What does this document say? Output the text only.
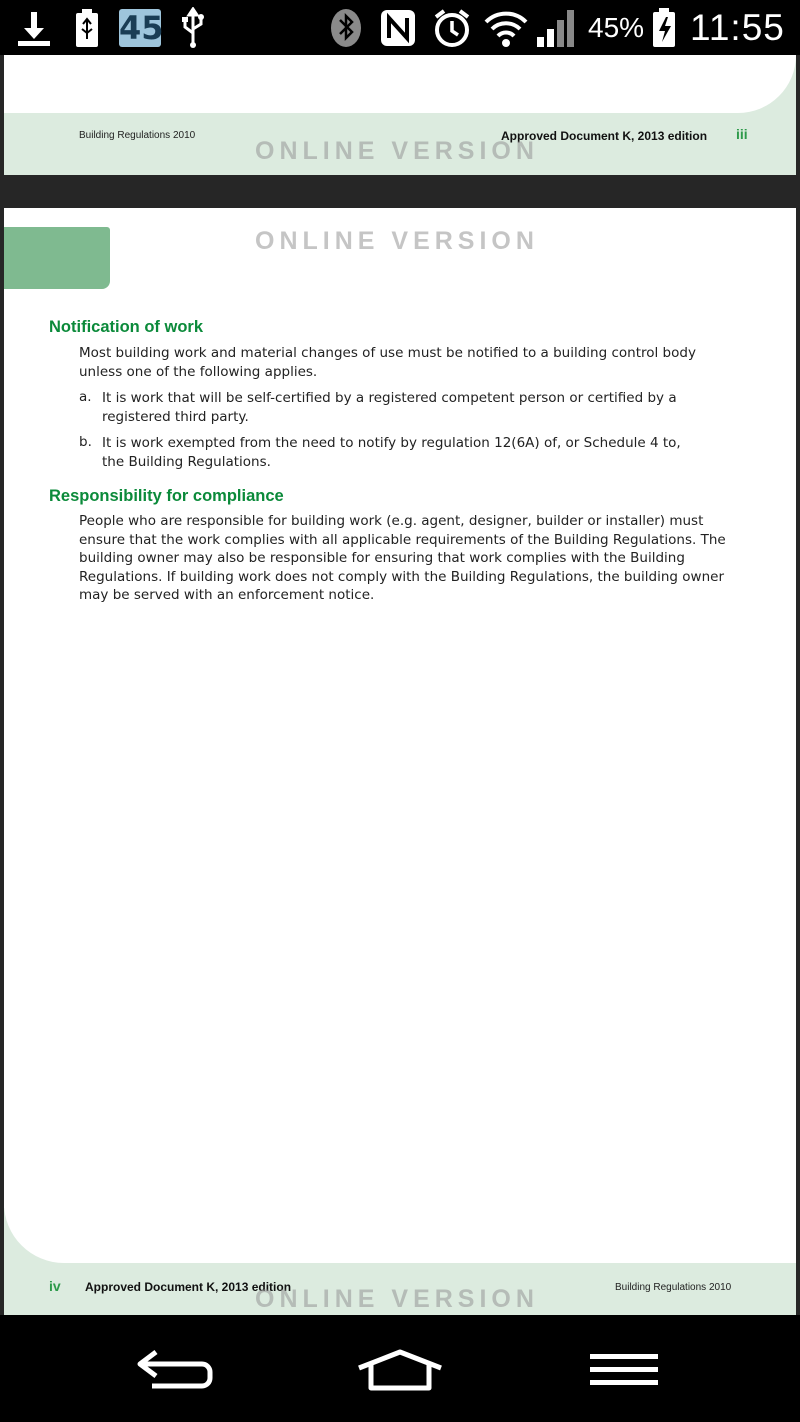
45	45% 11:55
Building Regulations 2010	Approved Document K, 2013 edition iii
ONLINE VERSION
ONLINE VERSION
Notification of work
Most building work and material changes of use must be notified to a building control body unless one of the following applies.
a. It is work that will be self-certified by a registered competent person or certified by a registered third party.
b. It is work exempted from the need to notify by regulation 12(6A) of, or Schedule 4 to, the Building Regulations.
Responsibility for compliance
People who are responsible for building work (e.g. agent, designer, builder or installer) must ensure that the work complies with all applicable requirements of the Building Regulations. The building owner may also be responsible for ensuring that work complies with the Building Regulations. If building work does not comply with the Building Regulations, the building owner may be served with an enforcement notice.
iv Approved Document K, 2013 edition	Building Regulations 2010
ONLINE VERSION
